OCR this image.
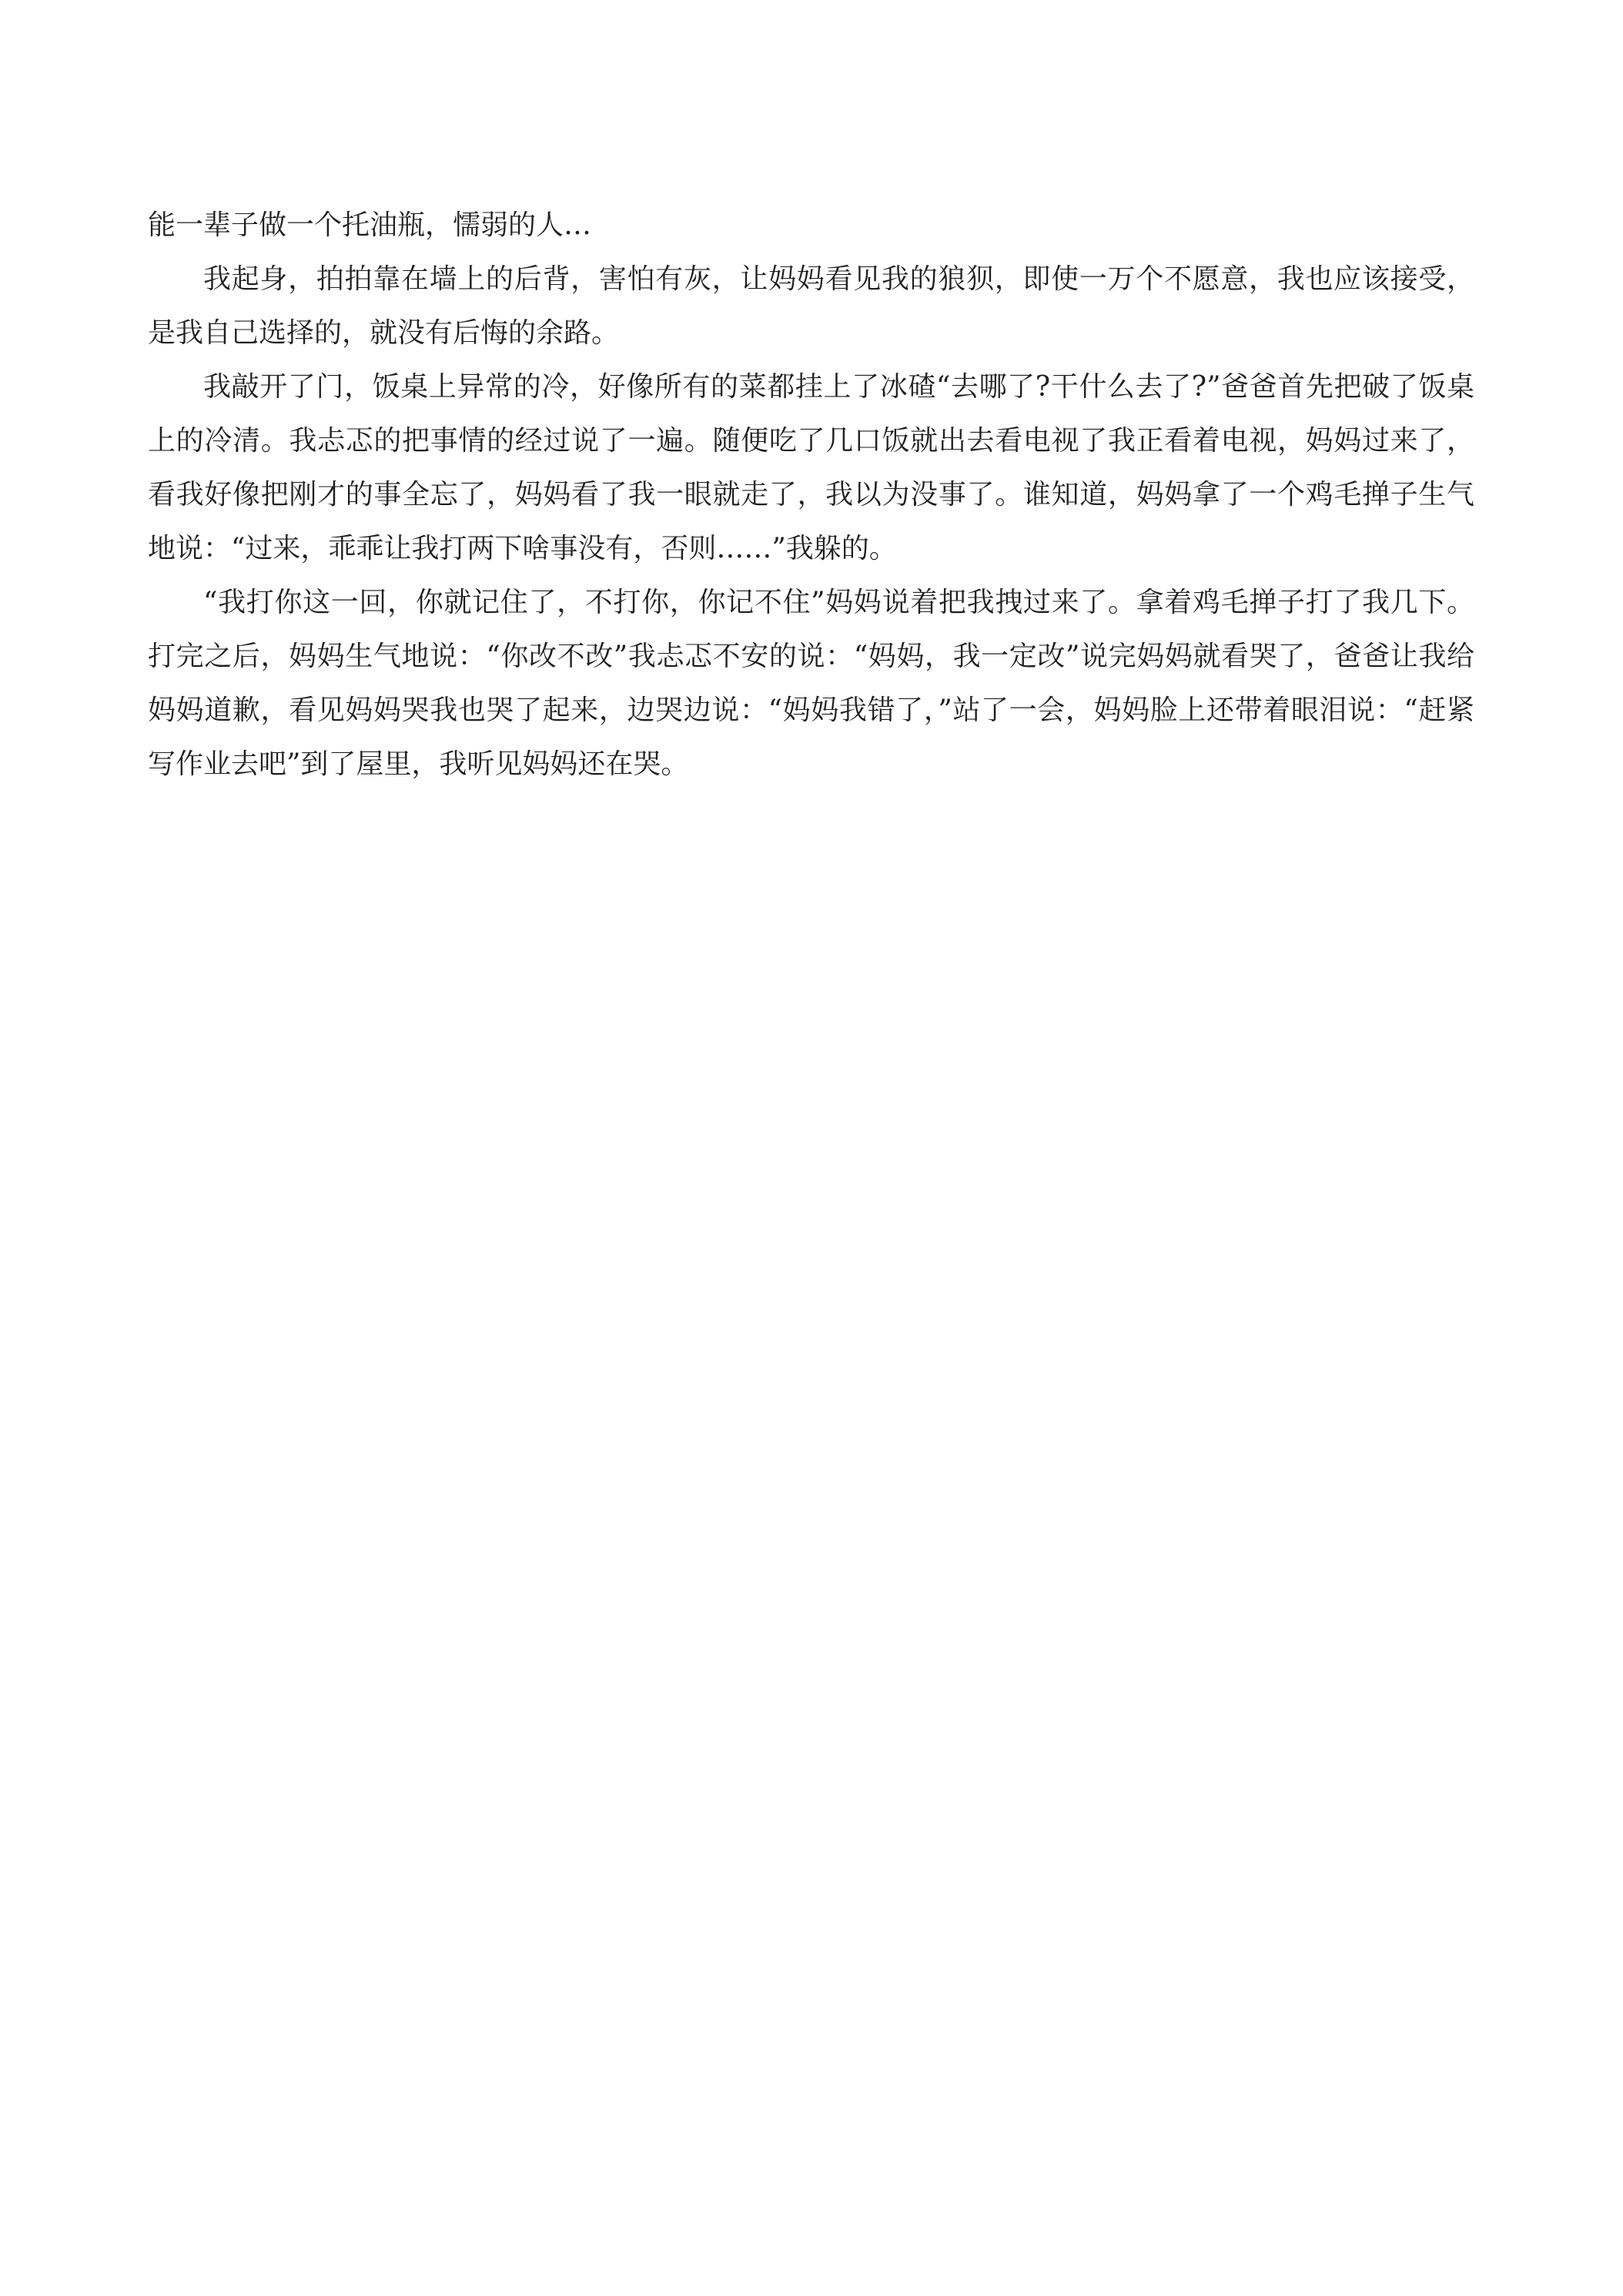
能一辈子做一个托油瓶，懦弱的人…

我起身，拍拍靠在墙上的后背，害怕有灰，让妈妈看见我的狼狈，即使一万个不愿意，我也应该接受，是我自己选择的，就没有后悔的余路。

我敲开了门，饭桌上异常的冷，好像所有的菜都挂上了冰碴“去哪了?干什么去了?”爸爸首先把破了饭桌上的冷清。我忐忑的把事情的经过说了一遍。随便吃了几口饭就出去看电视了我正看着电视，妈妈过来了，看我好像把刚才的事全忘了，妈妈看了我一眼就走了，我以为没事了。谁知道，妈妈拿了一个鸡毛掸子生气地说：“过来，乖乖让我打两下啥事没有，否则……”我躲的。

“我打你这一回，你就记住了，不打你，你记不住”妈妈说着把我拽过来了。拿着鸡毛掸子打了我几下。打完之后，妈妈生气地说：“你改不改”我忐忑不安的说：“妈妈，我一定改”说完妈妈就看哭了，爸爸让我给妈妈道歉，看见妈妈哭我也哭了起来，边哭边说：“妈妈我错了，”站了一会，妈妈脸上还带着眼泪说：“赶紧写作业去吧”到了屋里，我听见妈妈还在哭。
